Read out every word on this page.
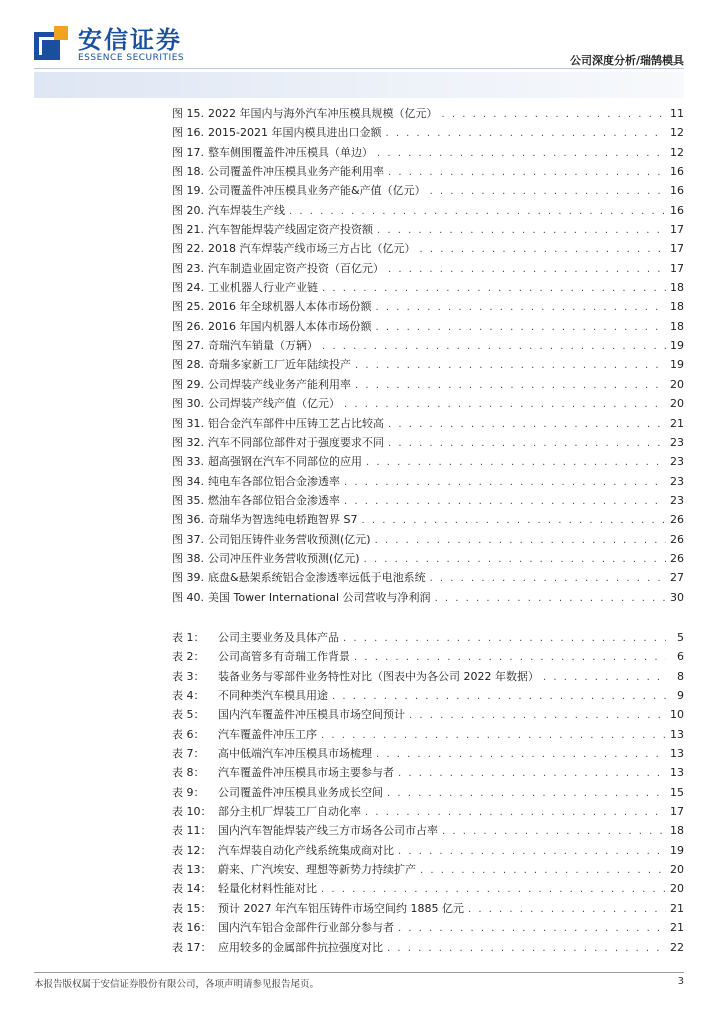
安信证券
ESSENCE SECURITIES	公司深度分析/瑞鹄模具
图 15. 2022 年国内与海外汽车冲压模具规模（亿元） . . .	11
图 16. 2015-2021 年国内模具进出口金额 . . .	12
图 17. 整车侧围覆盖件冲压模具（单边） . . .	12
图 18. 公司覆盖件冲压模具业务产能利用率 . . .	16
图 19. 公司覆盖件冲压模具业务产能&产值（亿元） . . .	16
图 20. 汽车焊装生产线 . . .	16
图 21. 汽车智能焊装产线固定资产投资额 . . .	17
图 22. 2018 汽车焊装产线市场三方占比（亿元） . . .	17
图 23. 汽车制造业固定资产投资（百亿元） . . .	17
图 24. 工业机器人行业产业链 . . .	18
图 25. 2016 年全球机器人本体市场份额 . . .	18
图 26. 2016 年国内机器人本体市场份额 . . .	18
图 27. 奇瑞汽车销量（万辆） . . .	19
图 28. 奇瑞多家新工厂近年陆续投产 . . .	19
图 29. 公司焊装产线业务产能利用率 . . .	20
图 30. 公司焊装产线产值（亿元） . . .	20
图 31. 铝合金汽车部件中压铸工艺占比较高 . . .	21
图 32. 汽车不同部位部件对于强度要求不同 . . .	23
图 33. 超高强钢在汽车不同部位的应用 . . .	23
图 34. 纯电车各部位铝合金渗透率 . . .	23
图 35. 燃油车各部位铝合金渗透率 . . .	23
图 36. 奇瑞华为智选纯电轿跑智界 S7 . . .	26
图 37. 公司铝压铸件业务营收预测(亿元) . . .	26
图 38. 公司冲压件业务营收预测(亿元) . . .	26
图 39. 底盘&悬架系统铝合金渗透率远低于电池系统 . . .	27
图 40. 美国 Tower International 公司营收与净利润 . . .	30
表 1：	公司主要业务及具体产品 . . .	5
表 2：	公司高管多有奇瑞工作背景 . . .	6
表 3：	装备业务与零部件业务特性对比（图表中为各公司 2022 年数据） . . .	8
表 4：	不同种类汽车模具用途 . . .	9
表 5：	国内汽车覆盖件冲压模具市场空间预计 . . .	10
表 6：	汽车覆盖件冲压工序 . . .	13
表 7：	高中低端汽车冲压模具市场梳理 . . .	13
表 8：	汽车覆盖件冲压模具市场主要参与者 . . .	13
表 9：	公司覆盖件冲压模具业务成长空间 . . .	15
表 10： 部分主机厂焊装工厂自动化率 . . .	17
表 11： 国内汽车智能焊装产线三方市场各公司市占率 . . .	18
表 12： 汽车焊装自动化产线系统集成商对比 . . .	19
表 13： 蔚来、广汽埃安、理想等新势力持续扩产 . . .	20
表 14： 轻量化材料性能对比 . . .	20
表 15： 预计 2027 年汽车铝压铸件市场空间约 1885 亿元 . . .	21
表 16： 国内汽车铝合金部件行业部分参与者 . . .	21
表 17： 应用较多的金属部件抗拉强度对比 . . .	22
本报告版权属于安信证券股份有限公司，各项声明请参见报告尾页。	3
